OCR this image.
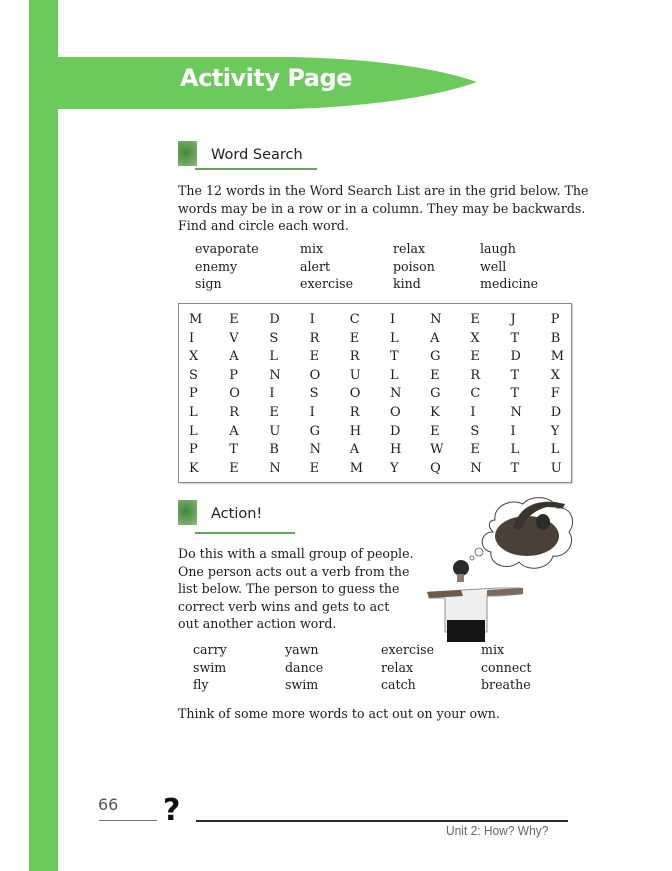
Activity Page
Word Search
The 12 words in the Word Search List are in the grid below. The
words may be in a row or in a column. They may be backwards.
Find and circle each word.
evaporate	mix	relax	laugh
enemy	alert	poison	well
sign	exercise	kind	medicine
M	E	D	I	C	I	N	E	J	P
I	V	S	R	E	L	A	X	T	B
X	A	L	E	R	T	G	E	D	M
S	P	N	O	U	L	E	R	T	X
P	O	I	S	O	N	G	C	T	F
L	R	E	I	R	O	K	I	N	D
L	A	U	G	H	D	E	S	I	Y
P	T	B	N	A	H	W	E	L	L
K	E	N	E	M	Y	Q	N	T	U
Action!
Do this with a small group of people.
One person acts out a verb from the
list below. The person to guess the
correct verb wins and gets to act
out another action word.
carry	yawn	exercise	mix
swim	dance	relax	connect
fly	swim	catch	breathe
Think of some more words to act out on your own.
66 ?
Unit 2: How? Why?
